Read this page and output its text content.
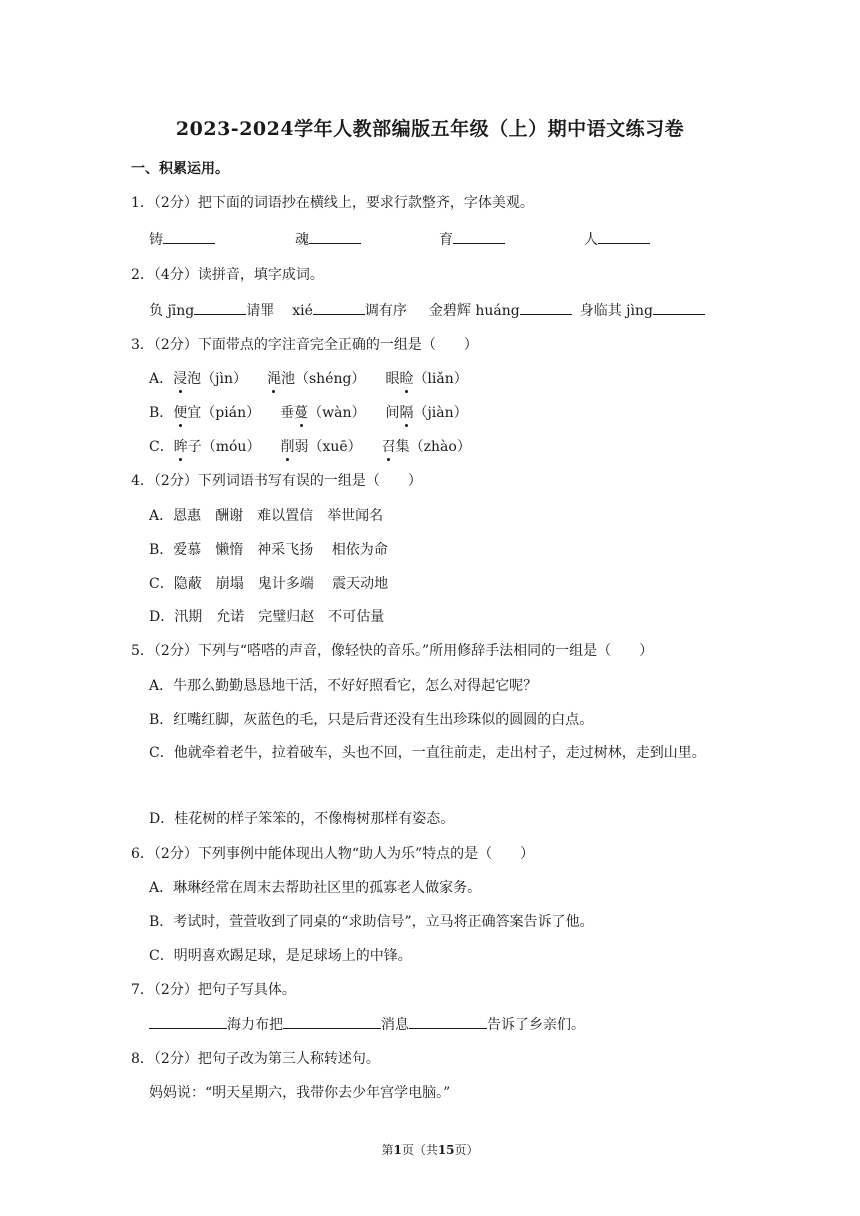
2023-2024学年人教部编版五年级（上）期中语文练习卷
一、积累运用。
1．（2分）把下面的词语抄在横线上，要求行款整齐，字体美观。
铸	魂	育	人
2．（4分）读拼音，填字成词。
负 jīng	请罪 xié	调有序 金碧辉 huáng	身临其 jìng
3．（2分）下面带点的字注音完全正确的一组是（　　）
A．浸泡（jìn） 渑池（shéng） 眼睑（liǎn）
B．便宜（pián） 垂蔓（wàn） 间隔（jiàn）
C．眸子（móu） 削弱（xuē） 召集（zhào）
4．（2分）下列词语书写有误的一组是（　　）
A．恩惠　酬谢　难以置信　举世闻名
B．爱慕　懒惰　神采飞扬　 相依为命
C．隐蔽　崩塌　鬼计多端　 震天动地
D．汛期　允诺　完璧归赵　不可估量
5．（2分）下列与“嗒嗒的声音，像轻快的音乐。”所用修辞手法相同的一组是（　　）
A．牛那么勤勤恳恳地干活，不好好照看它，怎么对得起它呢？
B．红嘴红脚，灰蓝色的毛，只是后背还没有生出珍珠似的圆圆的白点。
C．他就牵着老牛，拉着破车，头也不回，一直往前走，走出村子，走过树林，走到山里。
D．桂花树的样子笨笨的，不像梅树那样有姿态。
6．（2分）下列事例中能体现出人物“助人为乐”特点的是（　　）
A．琳琳经常在周末去帮助社区里的孤寡老人做家务。
B．考试时，萱萱收到了同桌的“求助信号”，立马将正确答案告诉了他。
C．明明喜欢踢足球，是足球场上的中锋。
7．（2分）把句子写具体。
海力布把	消息	告诉了乡亲们。
8．（2分）把句子改为第三人称转述句。
妈妈说：“明天星期六，我带你去少年宫学电脑。”
第1页（共15页）
